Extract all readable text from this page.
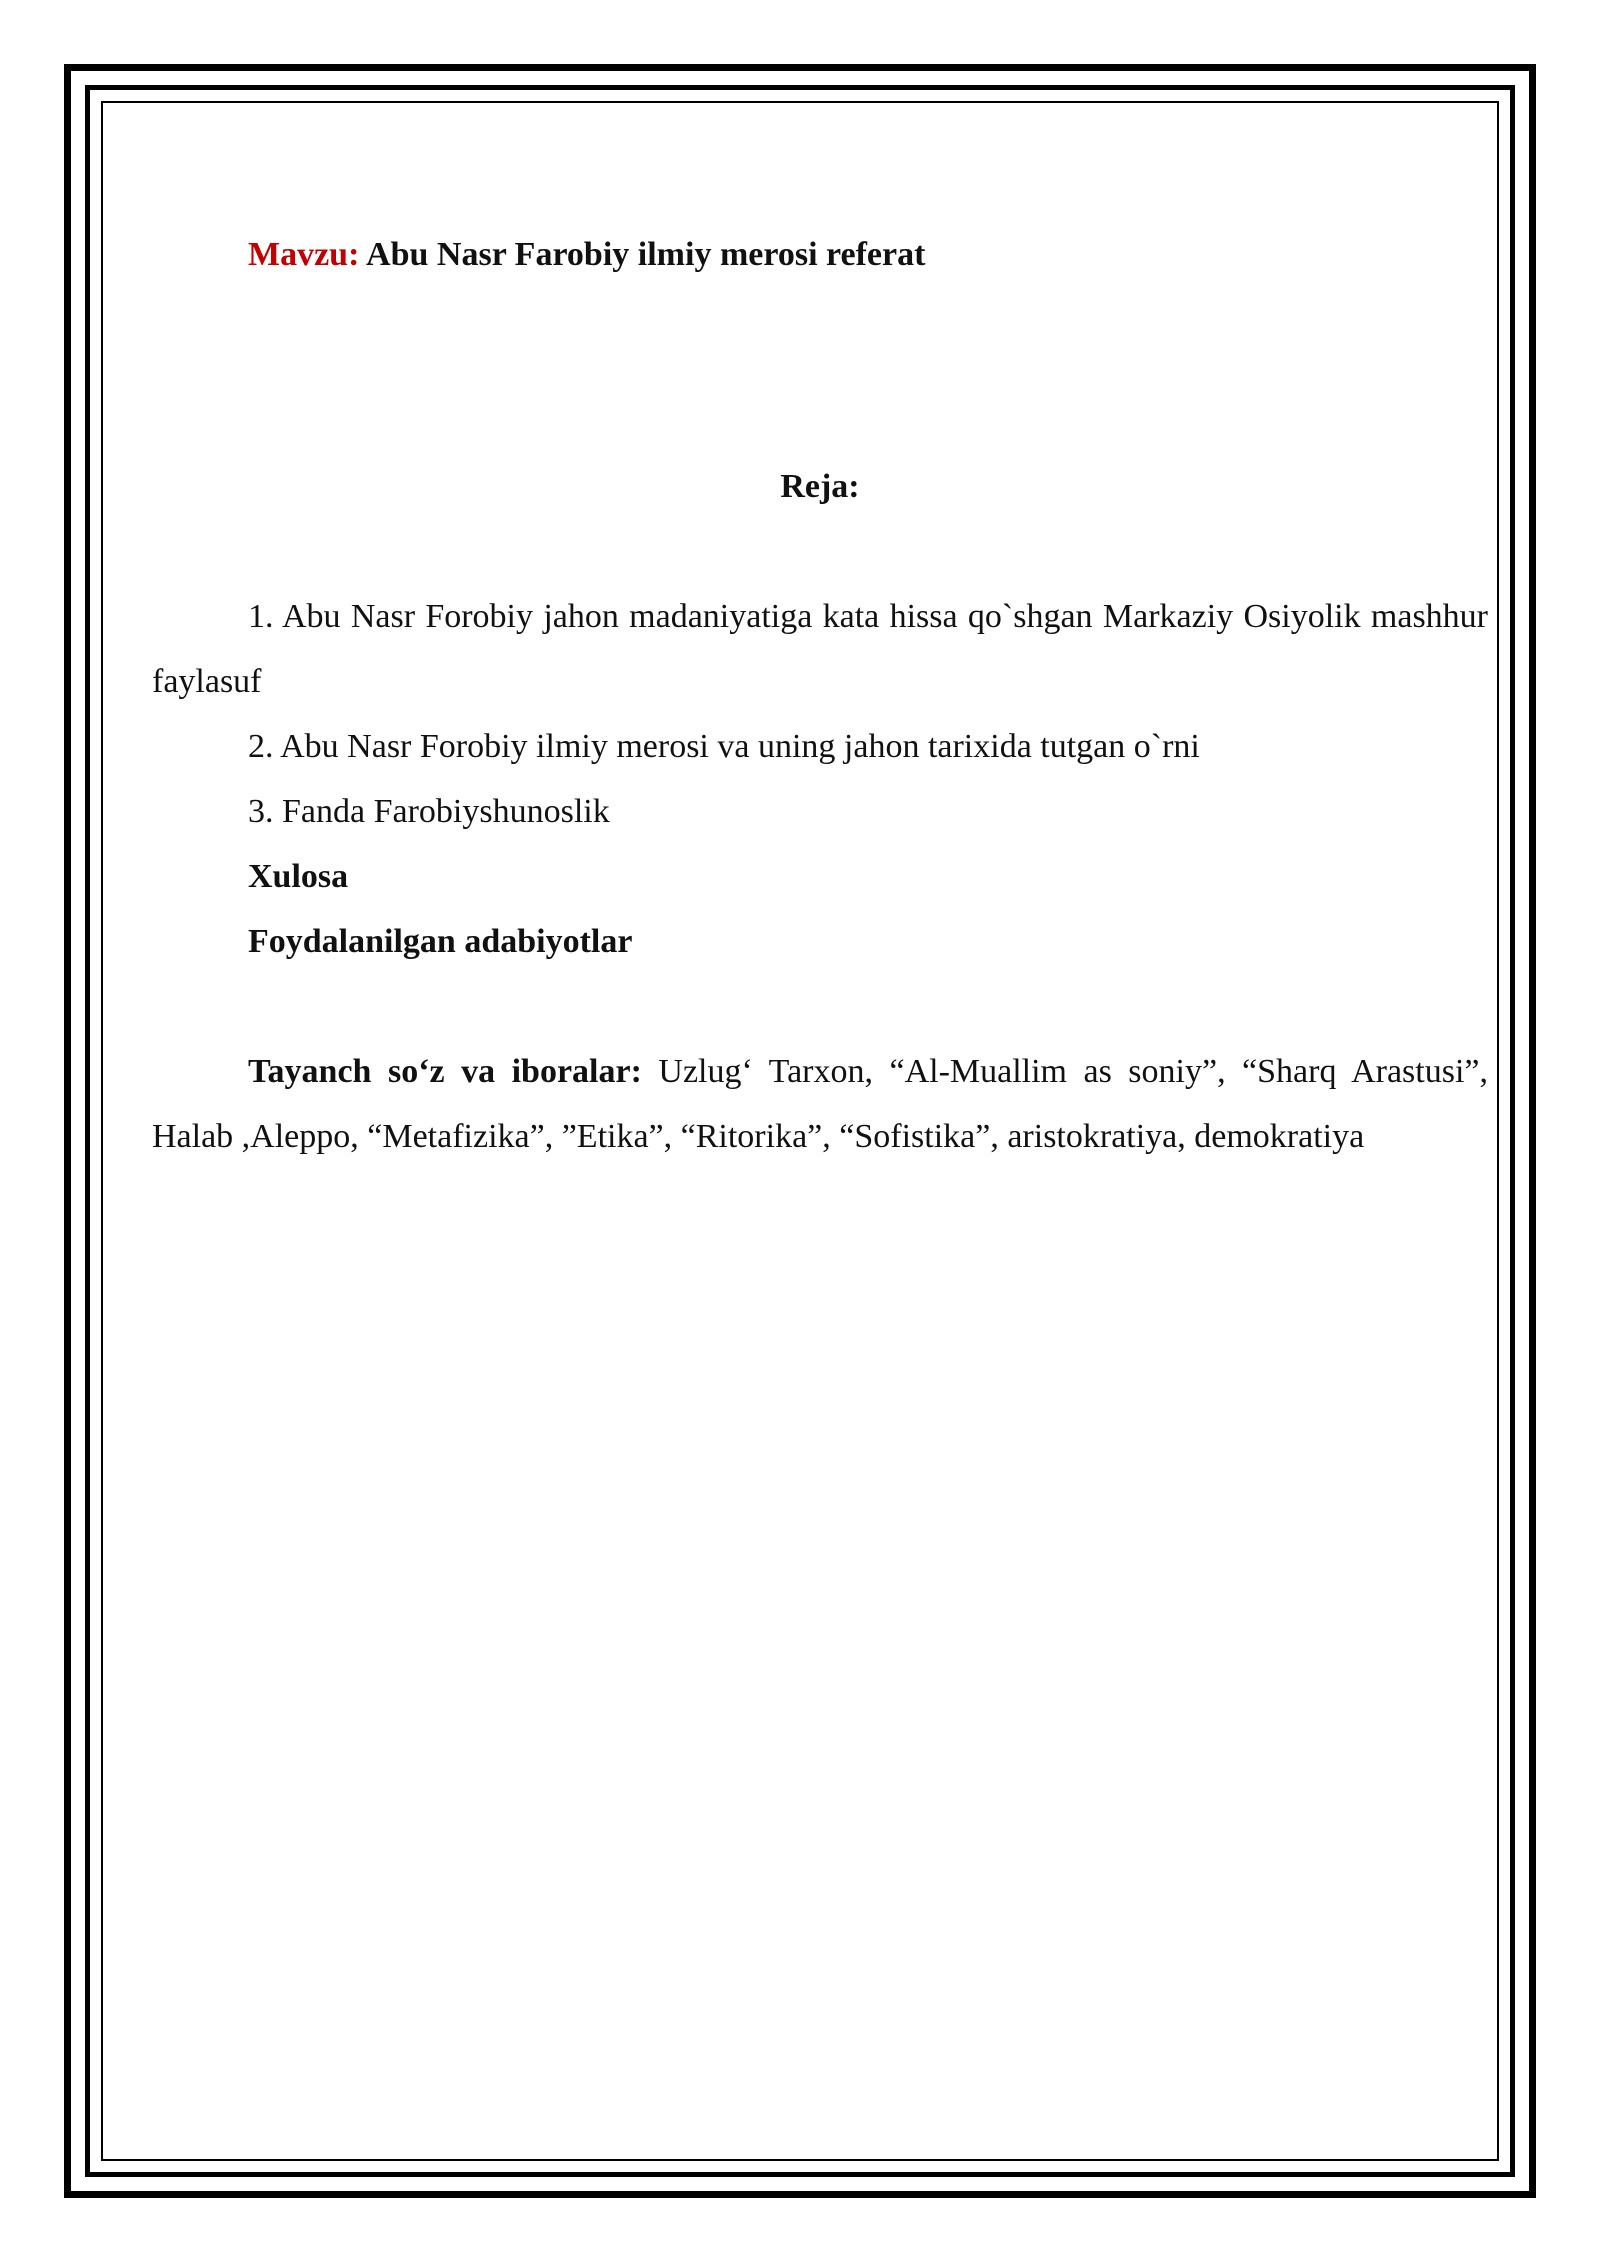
Mavzu: Abu Nasr Farobiy ilmiy merosi referat

Reja:

1. Abu Nasr Forobiy jahon madaniyatiga kata hissa qo`shgan Markaziy Osiyolik mashhur faylasuf

2. Abu Nasr Forobiy ilmiy merosi va uning jahon tarixida tutgan o`rni

3. Fanda Farobiyshunoslik

Xulosa

Foydalanilgan adabiyotlar

Tayanch so‘z va iboralar: Uzlug‘ Tarxon, “Al-Muallim as soniy”, “Sharq Arastusi”, Halab ,Aleppo, “Metafizika”, ”Etika”, “Ritorika”, “Sofistika”, aristokratiya, demokratiya
